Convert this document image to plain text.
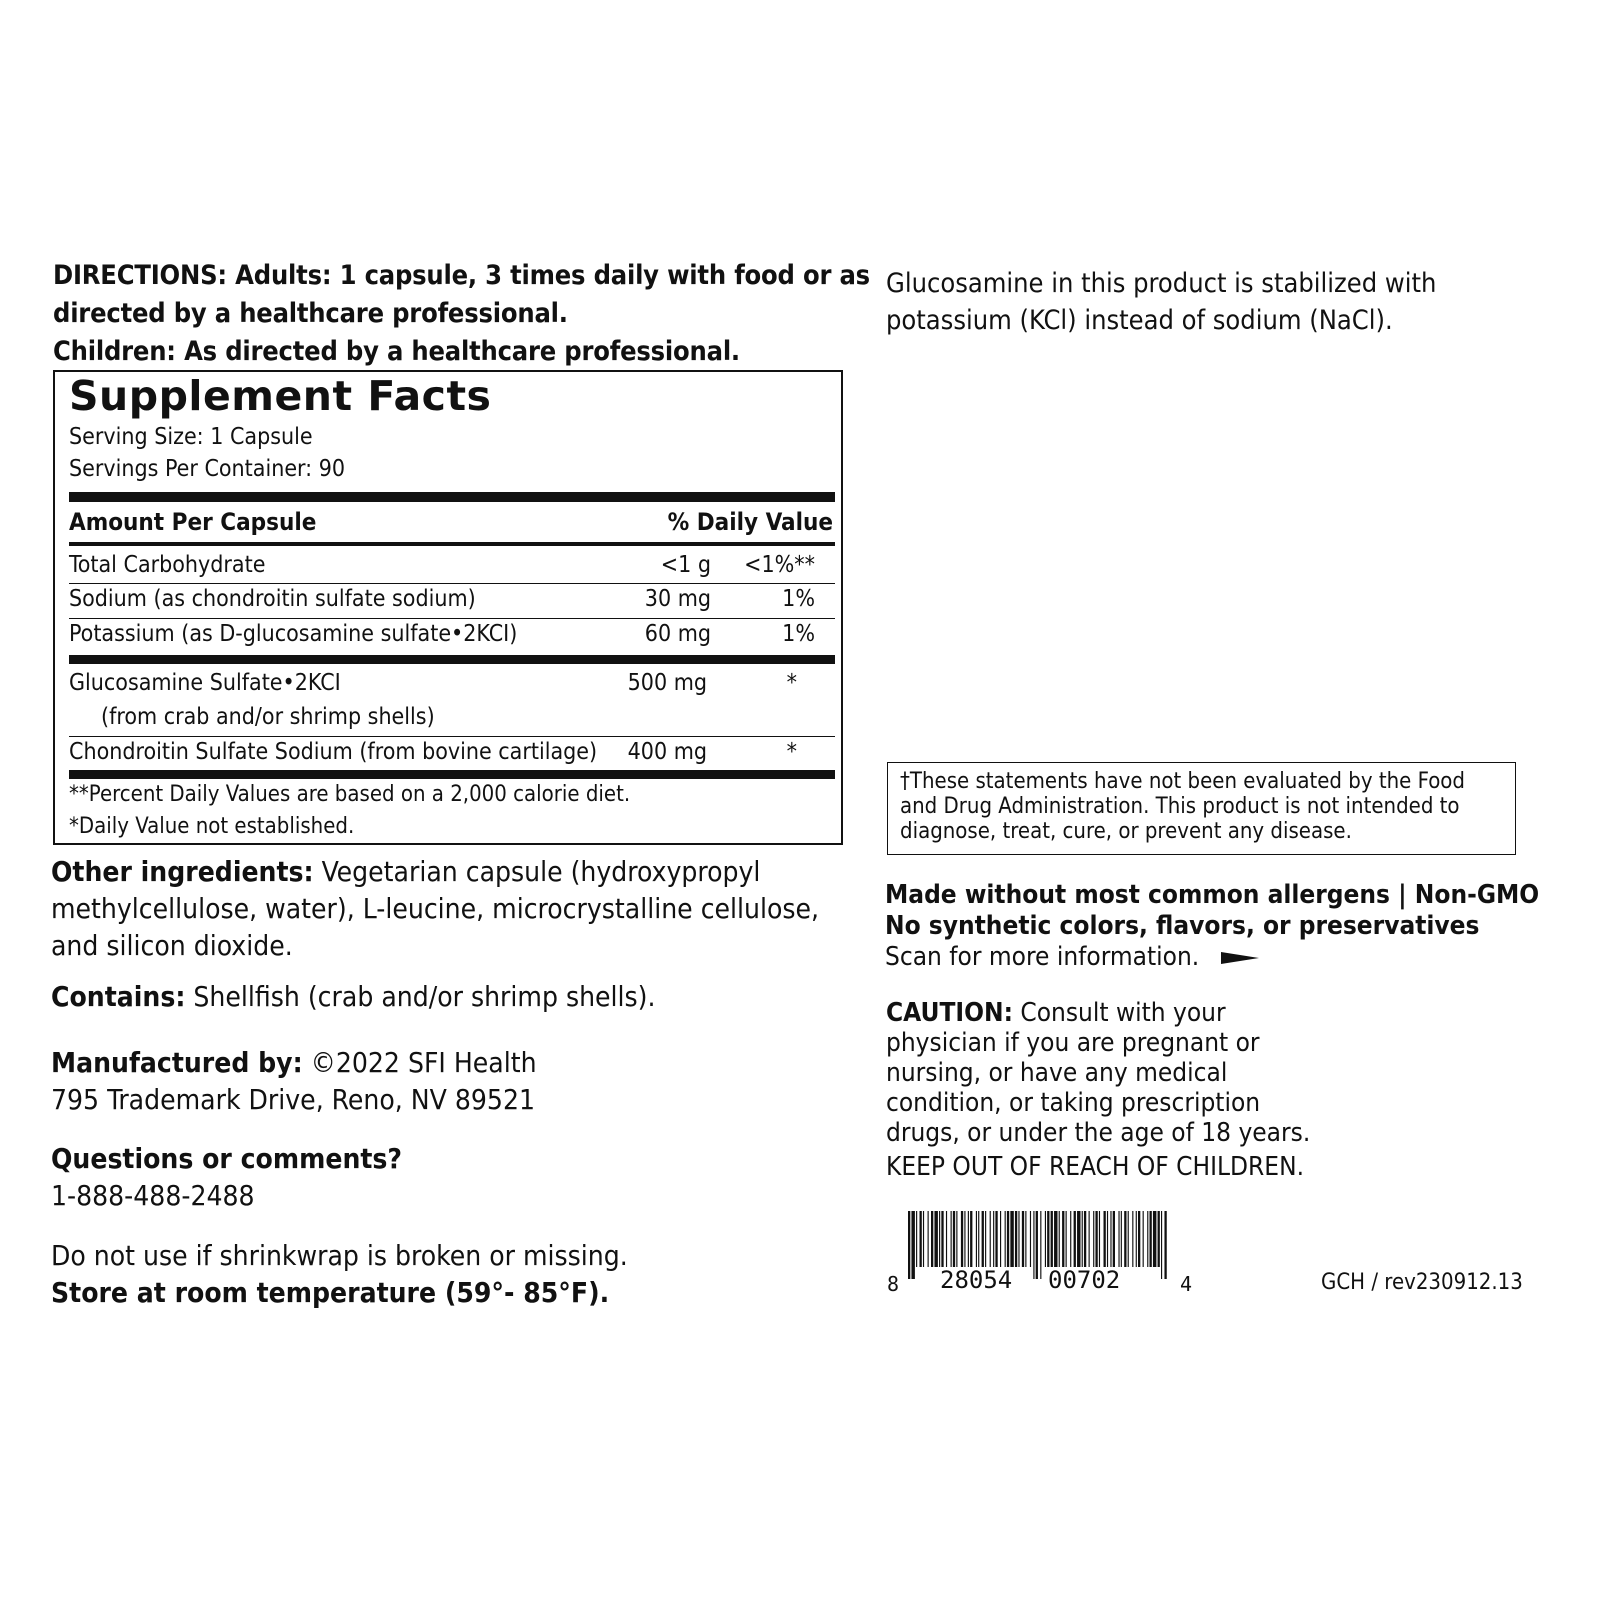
DIRECTIONS: Adults: 1 capsule, 3 times daily with food or as
directed by a healthcare professional.
Children: As directed by a healthcare professional.
Supplement Facts
Serving Size: 1 Capsule
Servings Per Container: 90
Amount Per Capsule	% Daily Value
Total Carbohydrate	<1 g <1%**
Sodium (as chondroitin sulfate sodium)	30 mg	1%
Potassium (as D-glucosamine sulfate•2KCI)	60 mg	1%
Glucosamine Sulfate•2KCI	500 mg	*
(from crab and/or shrimp shells)
Chondroitin Sulfate Sodium (from bovine cartilage) 400 mg	*
**Percent Daily Values are based on a 2,000 calorie diet.
*Daily Value not established.
Other ingredients: Vegetarian capsule (hydroxypropyl methylcellulose, water), L-leucine, microcrystalline cellulose, and silicon dioxide.
Contains: Shellfish (crab and/or shrimp shells).
Manufactured by: ©2022 SFI Health
795 Trademark Drive, Reno, NV 89521
Questions or comments?
1-888-488-2488
Do not use if shrinkwrap is broken or missing.
Store at room temperature (59°- 85°F).
Glucosamine in this product is stabilized with
potassium (KCl) instead of sodium (NaCl).
†These statements have not been evaluated by the Food and Drug Administration. This product is not intended to diagnose, treat, cure, or prevent any disease.
Made without most common allergens | Non-GMO
No synthetic colors, flavors, or preservatives
Scan for more information.
CAUTION: Consult with your physician if you are pregnant or nursing, or have any medical condition, or taking prescription drugs, or under the age of 18 years.
KEEP OUT OF REACH OF CHILDREN.
8 28054 00702	4	GCH / rev230912.13
